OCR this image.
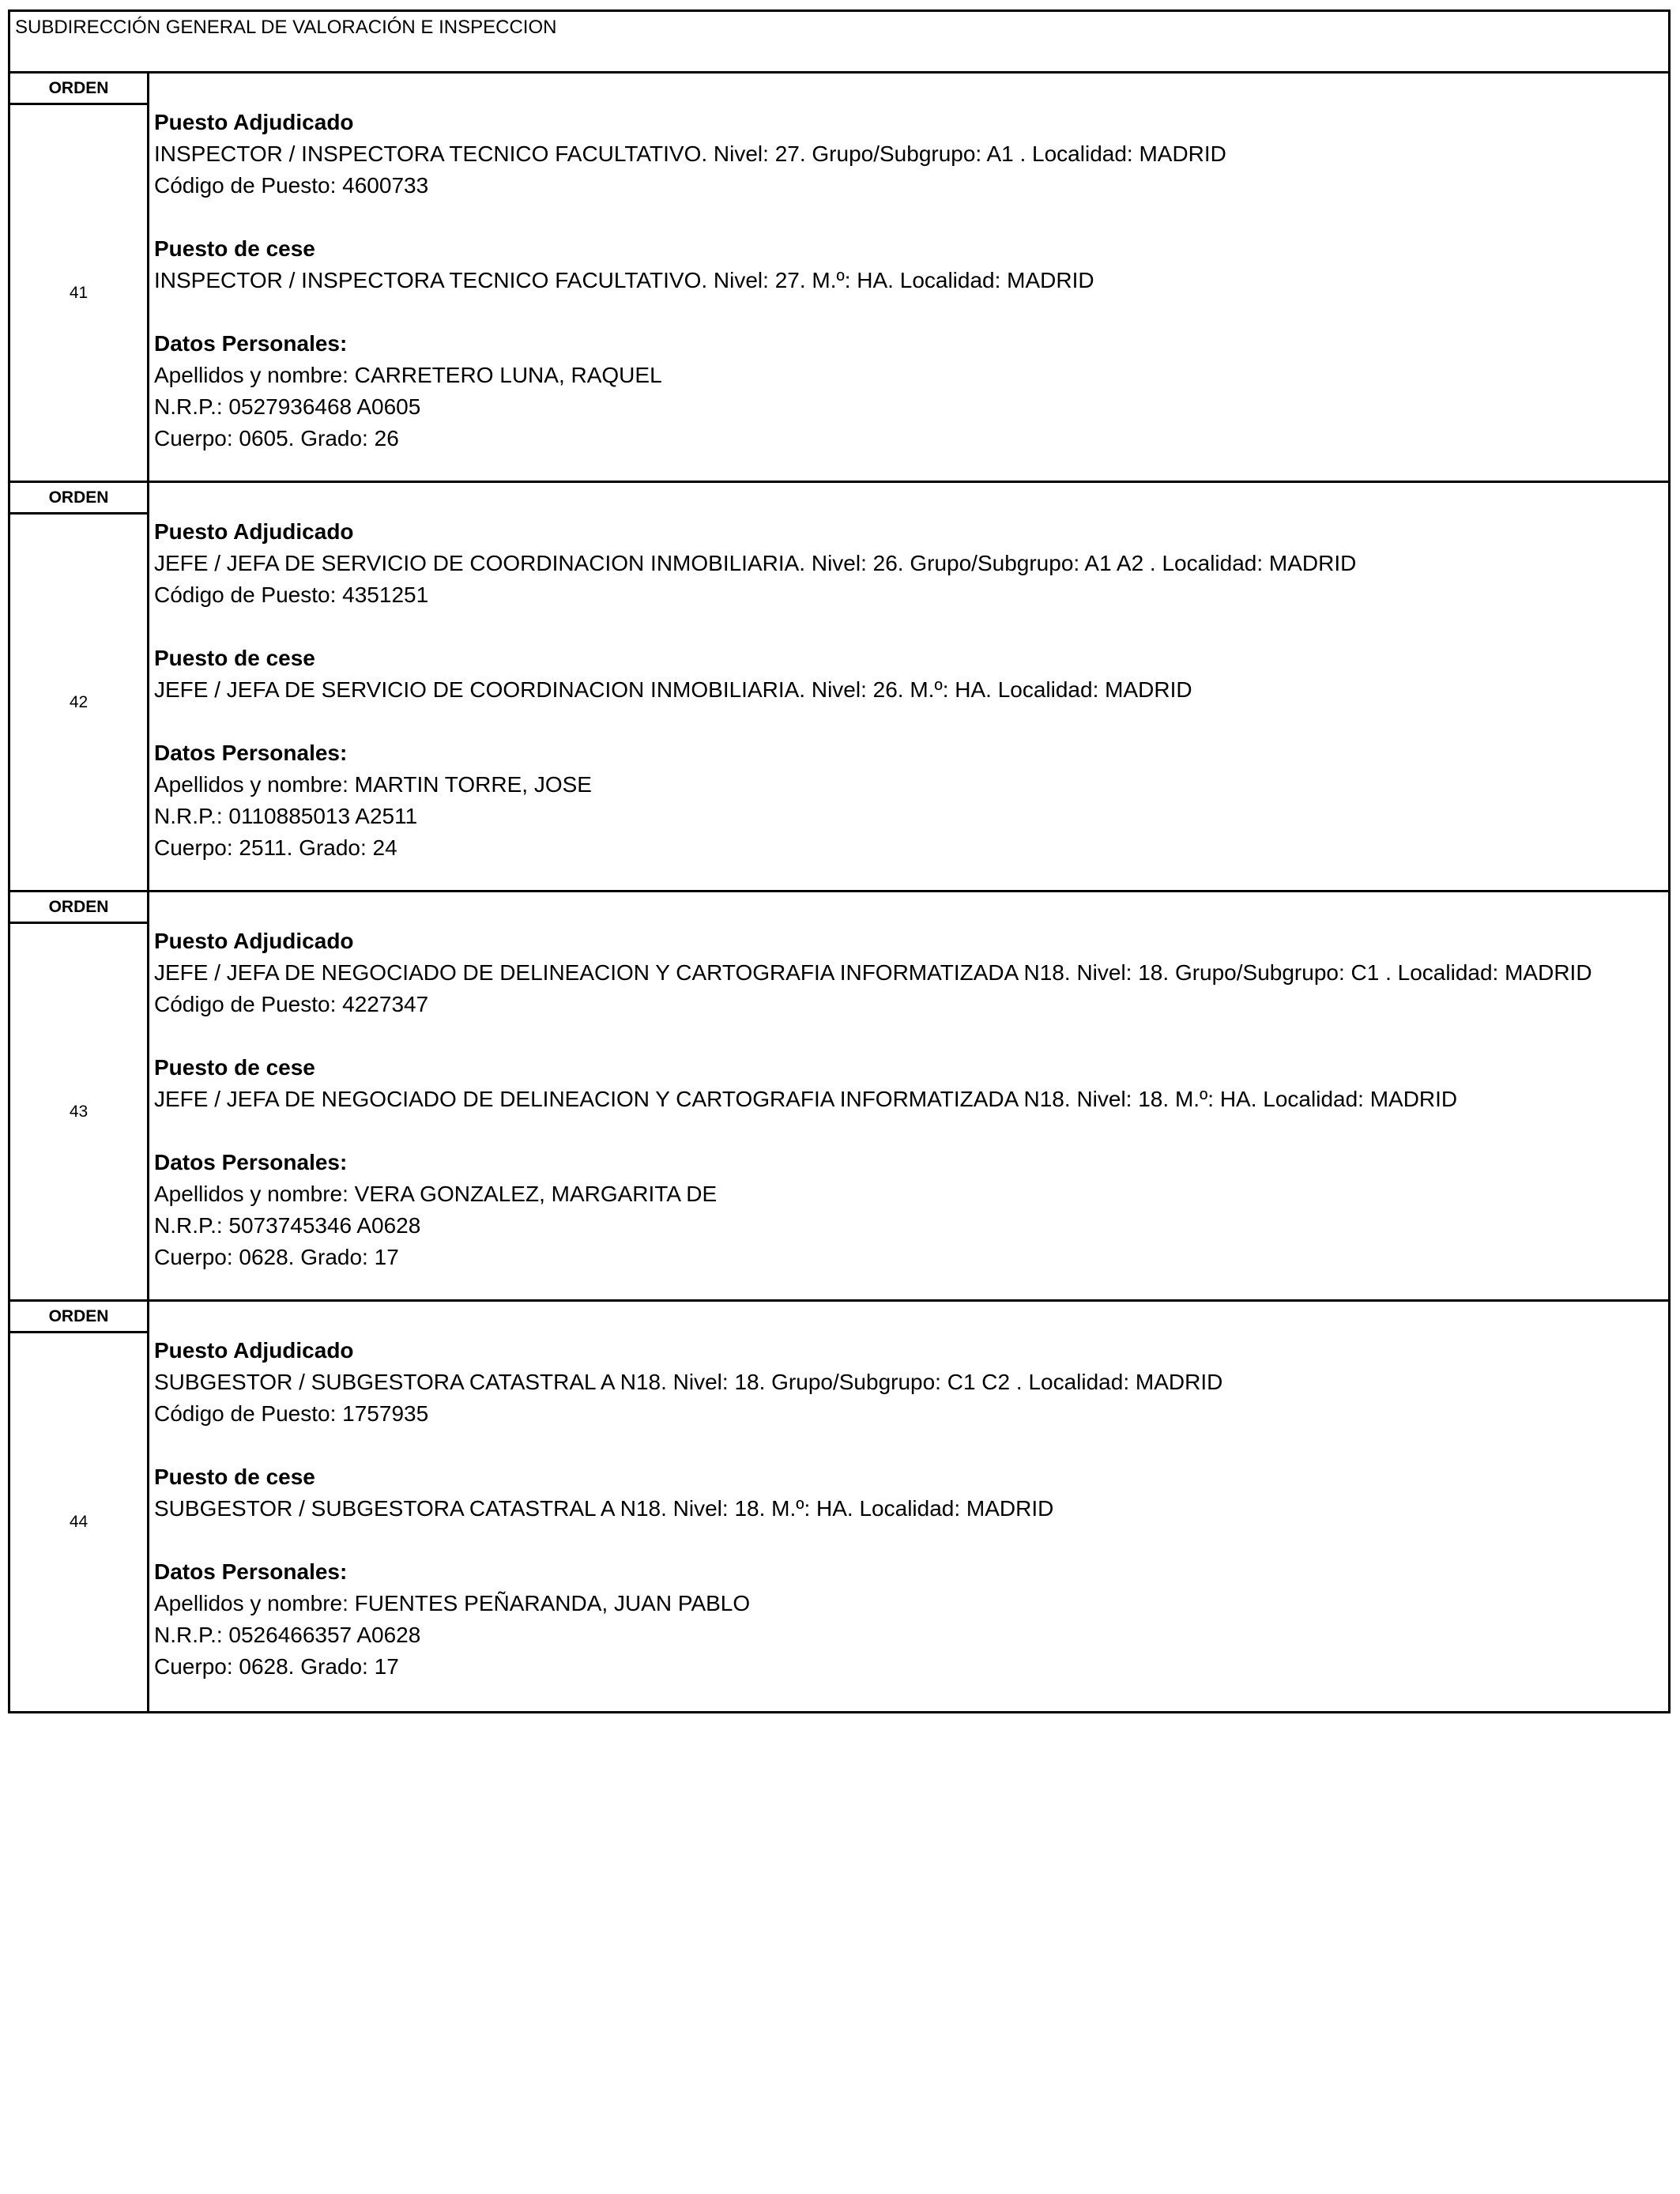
SUBDIRECCIÓN GENERAL DE VALORACIÓN E INSPECCION
ORDEN
41
Puesto Adjudicado
INSPECTOR / INSPECTORA TECNICO FACULTATIVO. Nivel: 27. Grupo/Subgrupo: A1 . Localidad: MADRID
Código de Puesto: 4600733
Puesto de cese
INSPECTOR / INSPECTORA TECNICO FACULTATIVO. Nivel: 27. M.º: HA. Localidad: MADRID
Datos Personales:
Apellidos y nombre: CARRETERO LUNA, RAQUEL
N.R.P.: 0527936468 A0605
Cuerpo: 0605. Grado: 26
ORDEN
42
Puesto Adjudicado
JEFE / JEFA DE SERVICIO DE COORDINACION INMOBILIARIA. Nivel: 26. Grupo/Subgrupo: A1 A2 . Localidad: MADRID
Código de Puesto: 4351251
Puesto de cese
JEFE / JEFA DE SERVICIO DE COORDINACION INMOBILIARIA. Nivel: 26. M.º: HA. Localidad: MADRID
Datos Personales:
Apellidos y nombre: MARTIN TORRE, JOSE
N.R.P.: 0110885013 A2511
Cuerpo: 2511. Grado: 24
ORDEN
43
Puesto Adjudicado
JEFE / JEFA DE NEGOCIADO DE DELINEACION Y CARTOGRAFIA INFORMATIZADA N18. Nivel: 18. Grupo/Subgrupo: C1 . Localidad: MADRID
Código de Puesto: 4227347
Puesto de cese
JEFE / JEFA DE NEGOCIADO DE DELINEACION Y CARTOGRAFIA INFORMATIZADA N18. Nivel: 18. M.º: HA. Localidad: MADRID
Datos Personales:
Apellidos y nombre: VERA GONZALEZ, MARGARITA DE
N.R.P.: 5073745346 A0628
Cuerpo: 0628. Grado: 17
ORDEN
44
Puesto Adjudicado
SUBGESTOR / SUBGESTORA CATASTRAL A N18. Nivel: 18. Grupo/Subgrupo: C1 C2 . Localidad: MADRID
Código de Puesto: 1757935
Puesto de cese
SUBGESTOR / SUBGESTORA CATASTRAL A N18. Nivel: 18. M.º: HA. Localidad: MADRID
Datos Personales:
Apellidos y nombre: FUENTES PEÑARANDA, JUAN PABLO
N.R.P.: 0526466357 A0628
Cuerpo: 0628. Grado: 17
